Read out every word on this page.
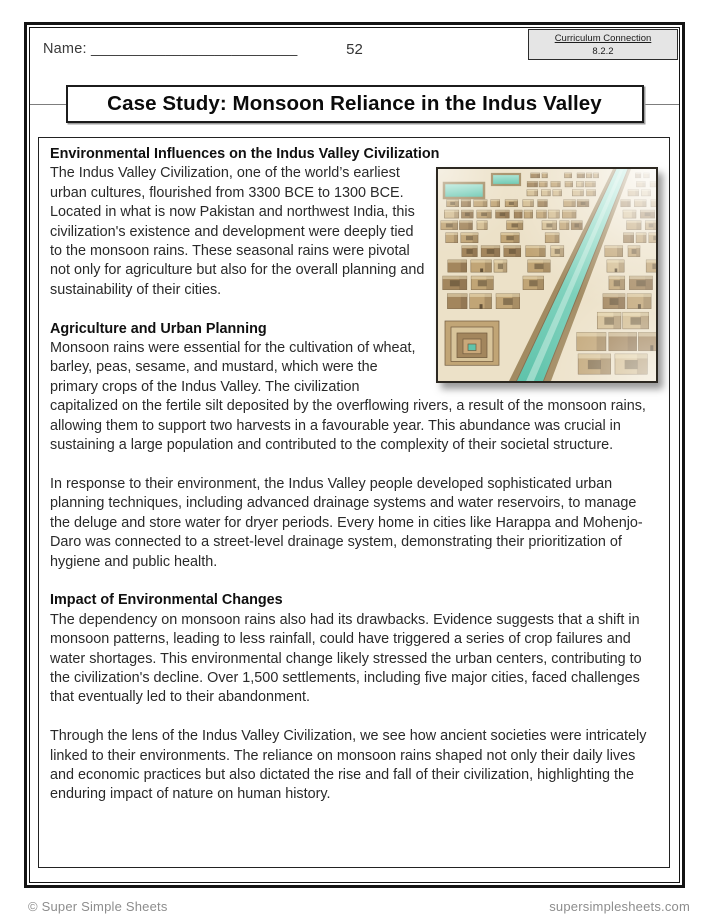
Name: _________________________	52
Curriculum Connection
8.2.2
Case Study: Monsoon Reliance in the Indus Valley
Environmental Influences on the Indus Valley Civilization

The Indus Valley Civilization, one of the world’s earliest urban cultures, flourished from 3300 BCE to 1300 BCE. Located in what is now Pakistan and northwest India, this civilization's existence and development were deeply tied to the monsoon rains. These seasonal rains were pivotal not only for agriculture but also for the overall planning and sustainability of their cities.

Agriculture and Urban Planning

Monsoon rains were essential for the cultivation of wheat, barley, peas, sesame, and mustard, which were the primary crops of the Indus Valley. The civilization capitalized on the fertile silt deposited by the overflowing rivers, a result of the monsoon rains, allowing them to support two harvests in a favourable year. This abundance was crucial in sustaining a large population and contributed to the complexity of their societal structure.

In response to their environment, the Indus Valley people developed sophisticated urban planning techniques, including advanced drainage systems and water reservoirs, to manage the deluge and store water for dryer periods. Every home in cities like Harappa and Mohenjo-Daro was connected to a street-level drainage system, demonstrating their prioritization of hygiene and public health.

Impact of Environmental Changes

The dependency on monsoon rains also had its drawbacks. Evidence suggests that a shift in monsoon patterns, leading to less rainfall, could have triggered a series of crop failures and water shortages. This environmental change likely stressed the urban centers, contributing to the civilization's decline. Over 1,500 settlements, including five major cities, faced challenges that eventually led to their abandonment.

Through the lens of the Indus Valley Civilization, we see how ancient societies were intricately linked to their environments. The reliance on monsoon rains shaped not only their daily lives and economic practices but also dictated the rise and fall of their civilization, highlighting the enduring impact of nature on human history.

© Super Simple Sheets	supersimplesheets.com
